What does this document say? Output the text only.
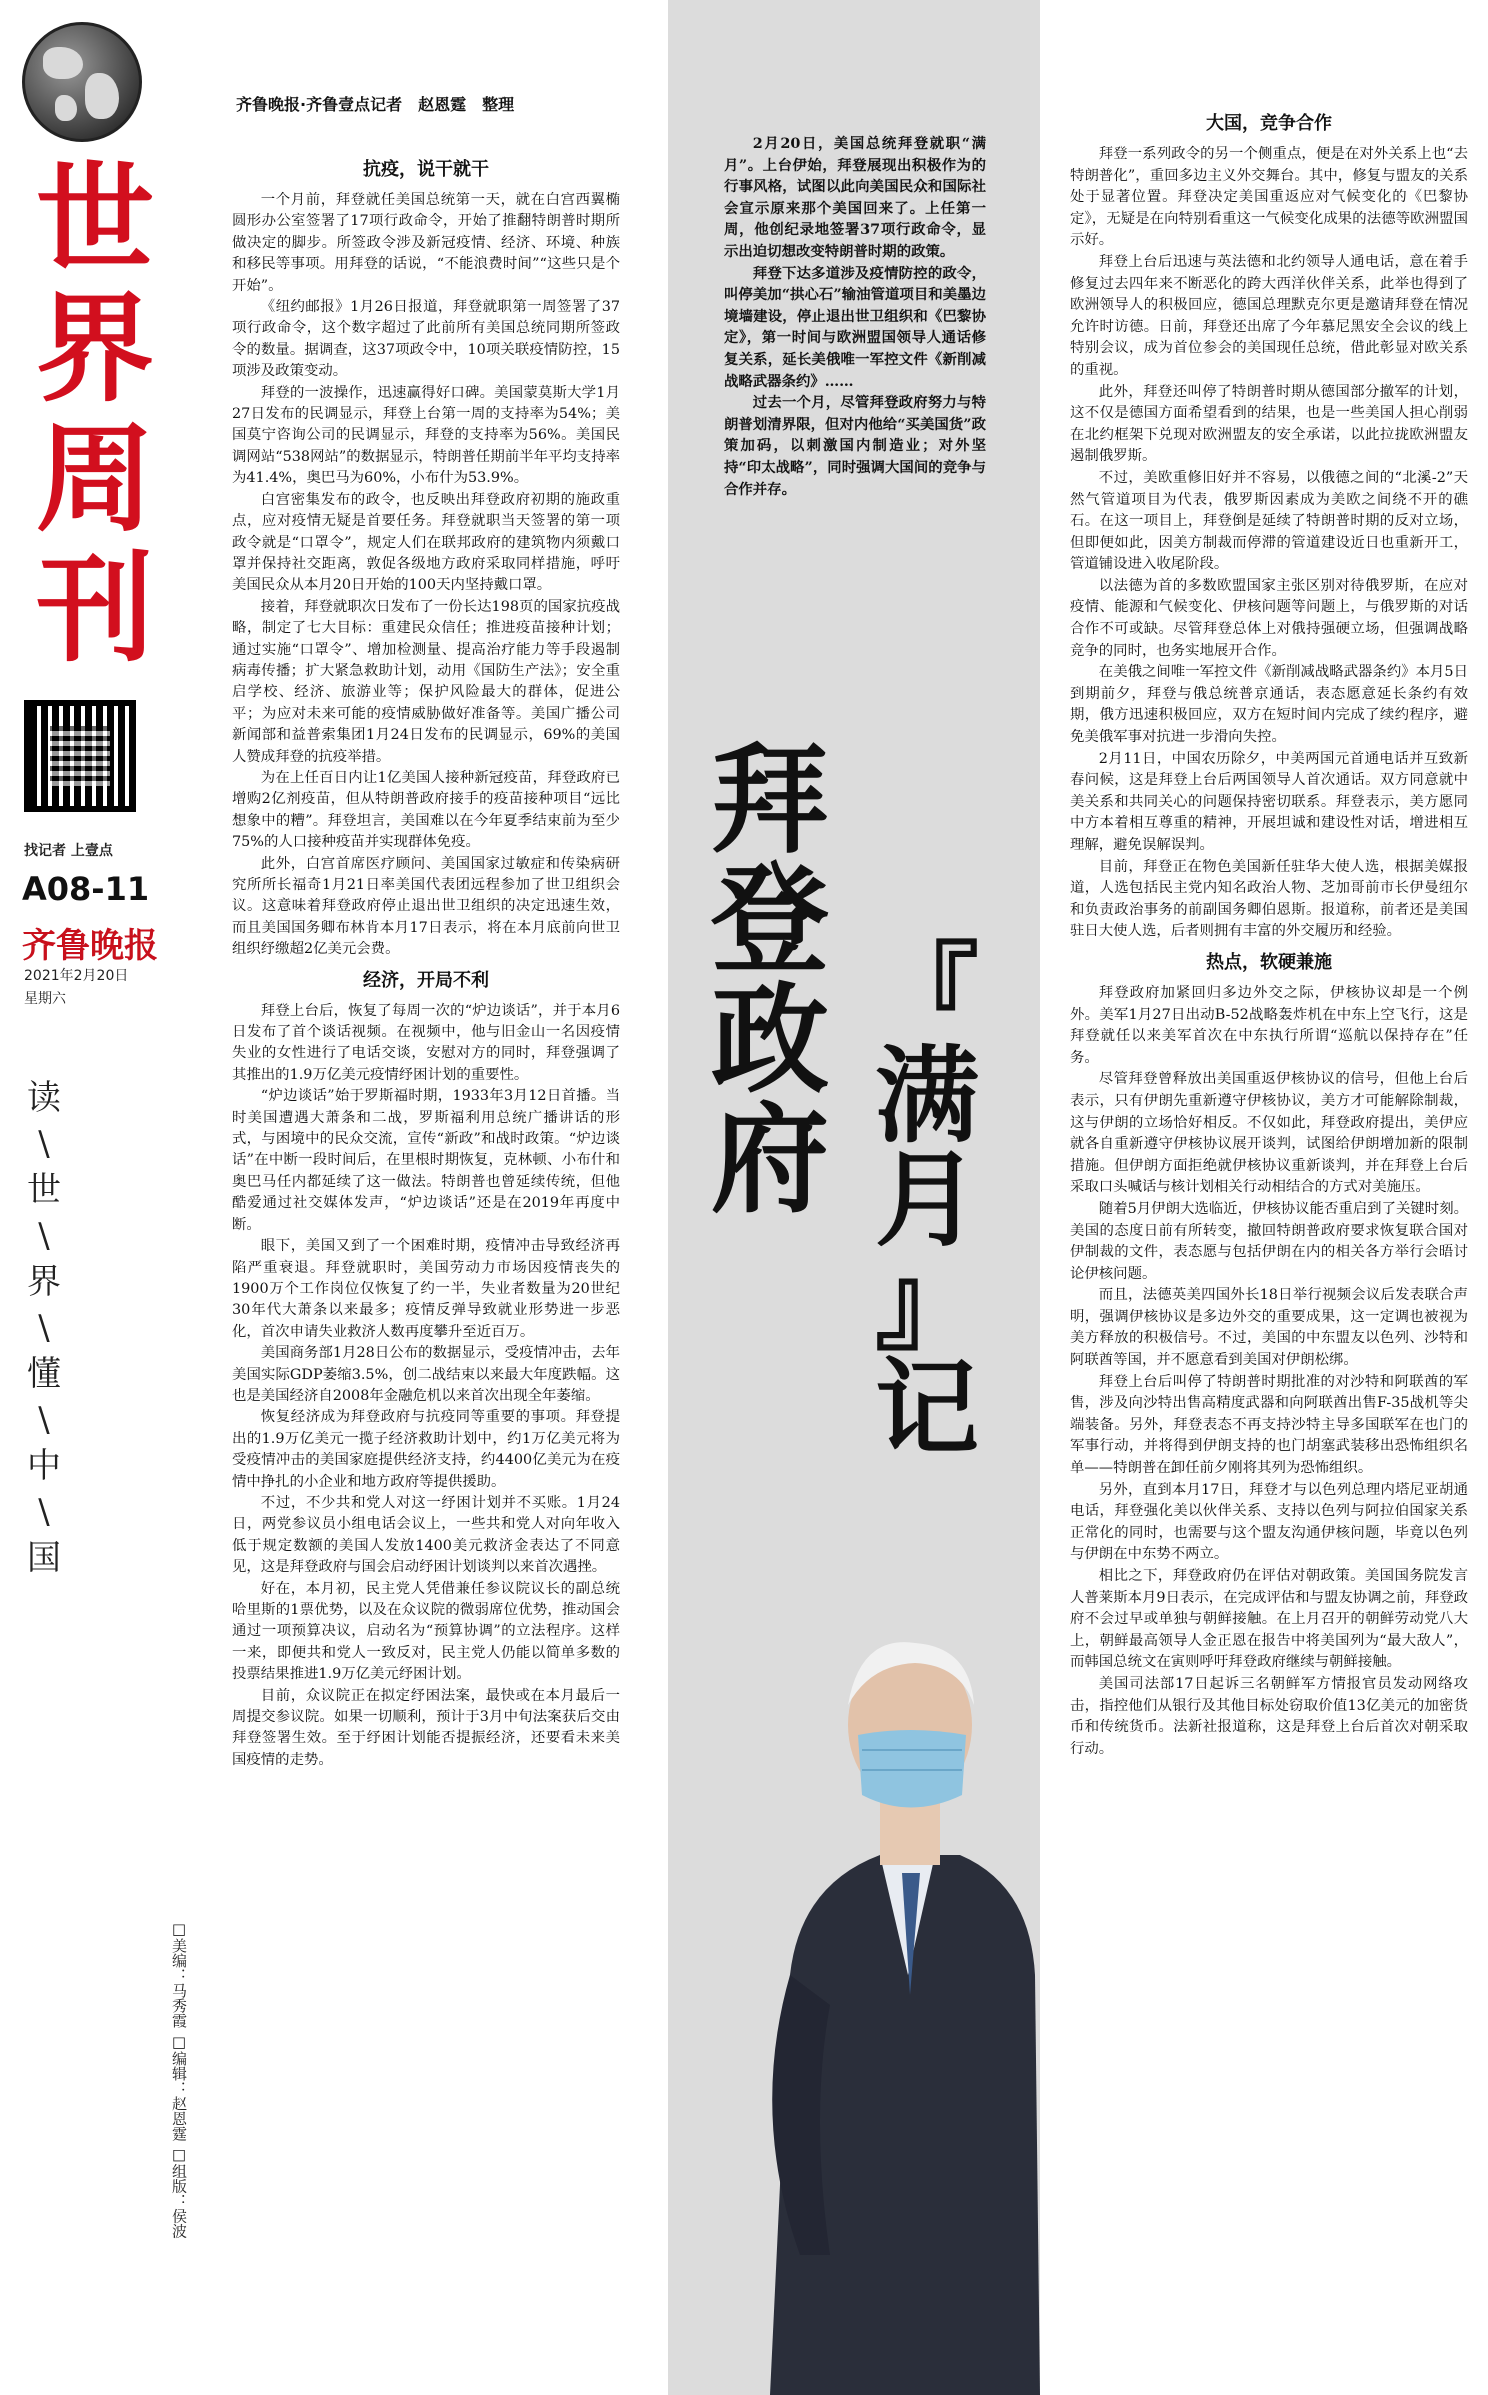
世
界
周
刊
找记者 上壹点
A08-11
齐鲁晚报
2021年2月20日
星期六
读
\
世
\
界
\
懂
\
中
\
国
□美编：马秀霞 □编辑：赵恩霆 □组版：侯波
齐鲁晚报·齐鲁壹点记者　赵恩霆　整理
抗疫，说干就干

一个月前，拜登就任美国总统第一天，就在白宫西翼椭圆形办公室签署了17项行政命令，开始了推翻特朗普时期所做决定的脚步。所签政令涉及新冠疫情、经济、环境、种族和移民等事项。用拜登的话说，“不能浪费时间”“这些只是个开始”。

《纽约邮报》1月26日报道，拜登就职第一周签署了37项行政命令，这个数字超过了此前所有美国总统同期所签政令的数量。据调查，这37项政令中，10项关联疫情防控，15项涉及政策变动。

拜登的一波操作，迅速赢得好口碑。美国蒙莫斯大学1月27日发布的民调显示，拜登上台第一周的支持率为54%；美国莫宁咨询公司的民调显示，拜登的支持率为56%。美国民调网站“538网站”的数据显示，特朗普任期前半年平均支持率为41.4%，奥巴马为60%，小布什为53.9%。

白宫密集发布的政令，也反映出拜登政府初期的施政重点，应对疫情无疑是首要任务。拜登就职当天签署的第一项政令就是“口罩令”，规定人们在联邦政府的建筑物内须戴口罩并保持社交距离，敦促各级地方政府采取同样措施，呼吁美国民众从本月20日开始的100天内坚持戴口罩。

接着，拜登就职次日发布了一份长达198页的国家抗疫战略，制定了七大目标：重建民众信任；推进疫苗接种计划；通过实施“口罩令”、增加检测量、提高治疗能力等手段遏制病毒传播；扩大紧急救助计划，动用《国防生产法》；安全重启学校、经济、旅游业等；保护风险最大的群体，促进公平；为应对未来可能的疫情威胁做好准备等。美国广播公司新闻部和益普索集团1月24日发布的民调显示，69%的美国人赞成拜登的抗疫举措。

为在上任百日内让1亿美国人接种新冠疫苗，拜登政府已增购2亿剂疫苗，但从特朗普政府接手的疫苗接种项目“远比想象中的糟”。拜登坦言，美国难以在今年夏季结束前为至少75%的人口接种疫苗并实现群体免疫。

此外，白宫首席医疗顾问、美国国家过敏症和传染病研究所所长福奇1月21日率美国代表团远程参加了世卫组织会议。这意味着拜登政府停止退出世卫组织的决定迅速生效，而且美国国务卿布林肯本月17日表示，将在本月底前向世卫组织纾缴超2亿美元会费。

经济，开局不利

拜登上台后，恢复了每周一次的“炉边谈话”，并于本月6日发布了首个谈话视频。在视频中，他与旧金山一名因疫情失业的女性进行了电话交谈，安慰对方的同时，拜登强调了其推出的1.9万亿美元疫情纾困计划的重要性。

“炉边谈话”始于罗斯福时期，1933年3月12日首播。当时美国遭遇大萧条和二战，罗斯福利用总统广播讲话的形式，与困境中的民众交流，宣传“新政”和战时政策。“炉边谈话”在中断一段时间后，在里根时期恢复，克林顿、小布什和奥巴马任内都延续了这一做法。特朗普也曾延续传统，但他酷爱通过社交媒体发声，“炉边谈话”还是在2019年再度中断。

眼下，美国又到了一个困难时期，疫情冲击导致经济再陷严重衰退。拜登就职时，美国劳动力市场因疫情丧失的1900万个工作岗位仅恢复了约一半，失业者数量为20世纪30年代大萧条以来最多；疫情反弹导致就业形势进一步恶化，首次申请失业救济人数再度攀升至近百万。

美国商务部1月28日公布的数据显示，受疫情冲击，去年美国实际GDP萎缩3.5%，创二战结束以来最大年度跌幅。这也是美国经济自2008年金融危机以来首次出现全年萎缩。

恢复经济成为拜登政府与抗疫同等重要的事项。拜登提出的1.9万亿美元一揽子经济救助计划中，约1万亿美元将为受疫情冲击的美国家庭提供经济支持，约4400亿美元为在疫情中挣扎的小企业和地方政府等提供援助。

不过，不少共和党人对这一纾困计划并不买账。1月24日，两党参议员小组电话会议上，一些共和党人对向年收入低于规定数额的美国人发放1400美元救济金表达了不同意见，这是拜登政府与国会启动纾困计划谈判以来首次遇挫。

好在，本月初，民主党人凭借兼任参议院议长的副总统哈里斯的1票优势，以及在众议院的微弱席位优势，推动国会通过一项预算决议，启动名为“预算协调”的立法程序。这样一来，即便共和党人一致反对，民主党人仍能以简单多数的投票结果推进1.9万亿美元纾困计划。

目前，众议院正在拟定纾困法案，最快或在本月最后一周提交参议院。如果一切顺利，预计于3月中旬法案获后交由拜登签署生效。至于纾困计划能否提振经济，还要看未来美国疫情的走势。

2月20日，美国总统拜登就职“满月”。上台伊始，拜登展现出积极作为的行事风格，试图以此向美国民众和国际社会宣示原来那个美国回来了。上任第一周，他创纪录地签署37项行政命令，显示出迫切想改变特朗普时期的政策。

拜登下达多道涉及疫情防控的政令，叫停美加“拱心石”输油管道项目和美墨边境墙建设，停止退出世卫组织和《巴黎协定》，第一时间与欧洲盟国领导人通话修复关系，延长美俄唯一军控文件《新削减战略武器条约》……

过去一个月，尽管拜登政府努力与特朗普划清界限，但对内他给“买美国货”政策加码，以刺激国内制造业；对外坚持“印太战略”，同时强调大国间的竞争与合作并存。

拜
登
政
府
『
满
月
』
记
大国，竞争合作

拜登一系列政令的另一个侧重点，便是在对外关系上也“去特朗普化”，重回多边主义外交舞台。其中，修复与盟友的关系处于显著位置。拜登决定美国重返应对气候变化的《巴黎协定》，无疑是在向特别看重这一气候变化成果的法德等欧洲盟国示好。

拜登上台后迅速与英法德和北约领导人通电话，意在着手修复过去四年来不断恶化的跨大西洋伙伴关系，此举也得到了欧洲领导人的积极回应，德国总理默克尔更是邀请拜登在情况允许时访德。日前，拜登还出席了今年慕尼黑安全会议的线上特别会议，成为首位参会的美国现任总统，借此彰显对欧关系的重视。

此外，拜登还叫停了特朗普时期从德国部分撤军的计划，这不仅是德国方面希望看到的结果，也是一些美国人担心削弱在北约框架下兑现对欧洲盟友的安全承诺，以此拉拢欧洲盟友遏制俄罗斯。

不过，美欧重修旧好并不容易，以俄德之间的“北溪-2”天然气管道项目为代表，俄罗斯因素成为美欧之间绕不开的礁石。在这一项目上，拜登倒是延续了特朗普时期的反对立场，但即便如此，因美方制裁而停滞的管道建设近日也重新开工，管道铺设进入收尾阶段。

以法德为首的多数欧盟国家主张区别对待俄罗斯，在应对疫情、能源和气候变化、伊核问题等问题上，与俄罗斯的对话合作不可或缺。尽管拜登总体上对俄持强硬立场，但强调战略竞争的同时，也务实地展开合作。

在美俄之间唯一军控文件《新削减战略武器条约》本月5日到期前夕，拜登与俄总统普京通话，表态愿意延长条约有效期，俄方迅速积极回应，双方在短时间内完成了续约程序，避免美俄军事对抗进一步滑向失控。

2月11日，中国农历除夕，中美两国元首通电话并互致新春问候，这是拜登上台后两国领导人首次通话。双方同意就中美关系和共同关心的问题保持密切联系。拜登表示，美方愿同中方本着相互尊重的精神，开展坦诚和建设性对话，增进相互理解，避免误解误判。

目前，拜登正在物色美国新任驻华大使人选，根据美媒报道，人选包括民主党内知名政治人物、芝加哥前市长伊曼纽尔和负责政治事务的前副国务卿伯恩斯。报道称，前者还是美国驻日大使人选，后者则拥有丰富的外交履历和经验。

热点，软硬兼施

拜登政府加紧回归多边外交之际，伊核协议却是一个例外。美军1月27日出动B-52战略轰炸机在中东上空飞行，这是拜登就任以来美军首次在中东执行所谓“巡航以保持存在”任务。

尽管拜登曾释放出美国重返伊核协议的信号，但他上台后表示，只有伊朗先重新遵守伊核协议，美方才可能解除制裁，这与伊朗的立场恰好相反。不仅如此，拜登政府提出，美伊应就各自重新遵守伊核协议展开谈判，试图给伊朗增加新的限制措施。但伊朗方面拒绝就伊核协议重新谈判，并在拜登上台后采取口头喊话与核计划相关行动相结合的方式对美施压。

随着5月伊朗大选临近，伊核协议能否重启到了关键时刻。美国的态度日前有所转变，撤回特朗普政府要求恢复联合国对伊制裁的文件，表态愿与包括伊朗在内的相关各方举行会晤讨论伊核问题。

而且，法德英美四国外长18日举行视频会议后发表联合声明，强调伊核协议是多边外交的重要成果，这一定调也被视为美方释放的积极信号。不过，美国的中东盟友以色列、沙特和阿联酋等国，并不愿意看到美国对伊朗松绑。

拜登上台后叫停了特朗普时期批准的对沙特和阿联酋的军售，涉及向沙特出售高精度武器和向阿联酋出售F-35战机等尖端装备。另外，拜登表态不再支持沙特主导多国联军在也门的军事行动，并将得到伊朗支持的也门胡塞武装移出恐怖组织名单——特朗普在卸任前夕刚将其列为恐怖组织。

另外，直到本月17日，拜登才与以色列总理内塔尼亚胡通电话，拜登强化美以伙伴关系、支持以色列与阿拉伯国家关系正常化的同时，也需要与这个盟友沟通伊核问题，毕竟以色列与伊朗在中东势不两立。

相比之下，拜登政府仍在评估对朝政策。美国国务院发言人普莱斯本月9日表示，在完成评估和与盟友协调之前，拜登政府不会过早或单独与朝鲜接触。在上月召开的朝鲜劳动党八大上，朝鲜最高领导人金正恩在报告中将美国列为“最大敌人”，而韩国总统文在寅则呼吁拜登政府继续与朝鲜接触。

美国司法部17日起诉三名朝鲜军方情报官员发动网络攻击，指控他们从银行及其他目标处窃取价值13亿美元的加密货币和传统货币。法新社报道称，这是拜登上台后首次对朝采取行动。
